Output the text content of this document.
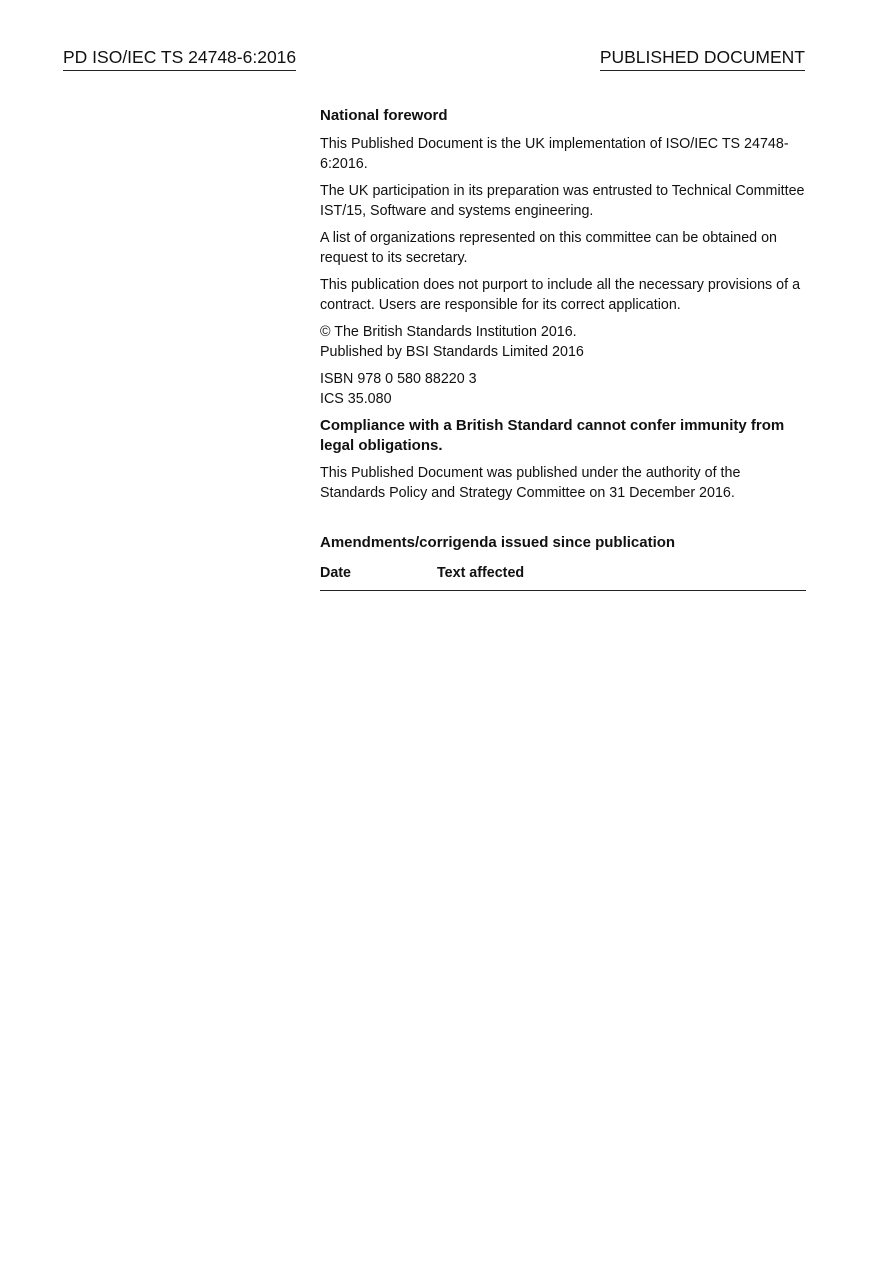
PD ISO/IEC TS 24748-6:2016	PUBLISHED DOCUMENT
National foreword

This Published Document is the UK implementation of ISO/IEC TS 24748-6:2016.

The UK participation in its preparation was entrusted to Technical Committee IST/15, Software and systems engineering.

A list of organizations represented on this committee can be obtained on request to its secretary.

This publication does not purport to include all the necessary provisions of a contract. Users are responsible for its correct application.

© The British Standards Institution 2016.
Published by BSI Standards Limited 2016

ISBN 978 0 580 88220 3
ICS 35.080

Compliance with a British Standard cannot confer immunity from legal obligations.

This Published Document was published under the authority of the Standards Policy and Strategy Committee on 31 December 2016.

Amendments/corrigenda issued since publication
Date	Text affected
